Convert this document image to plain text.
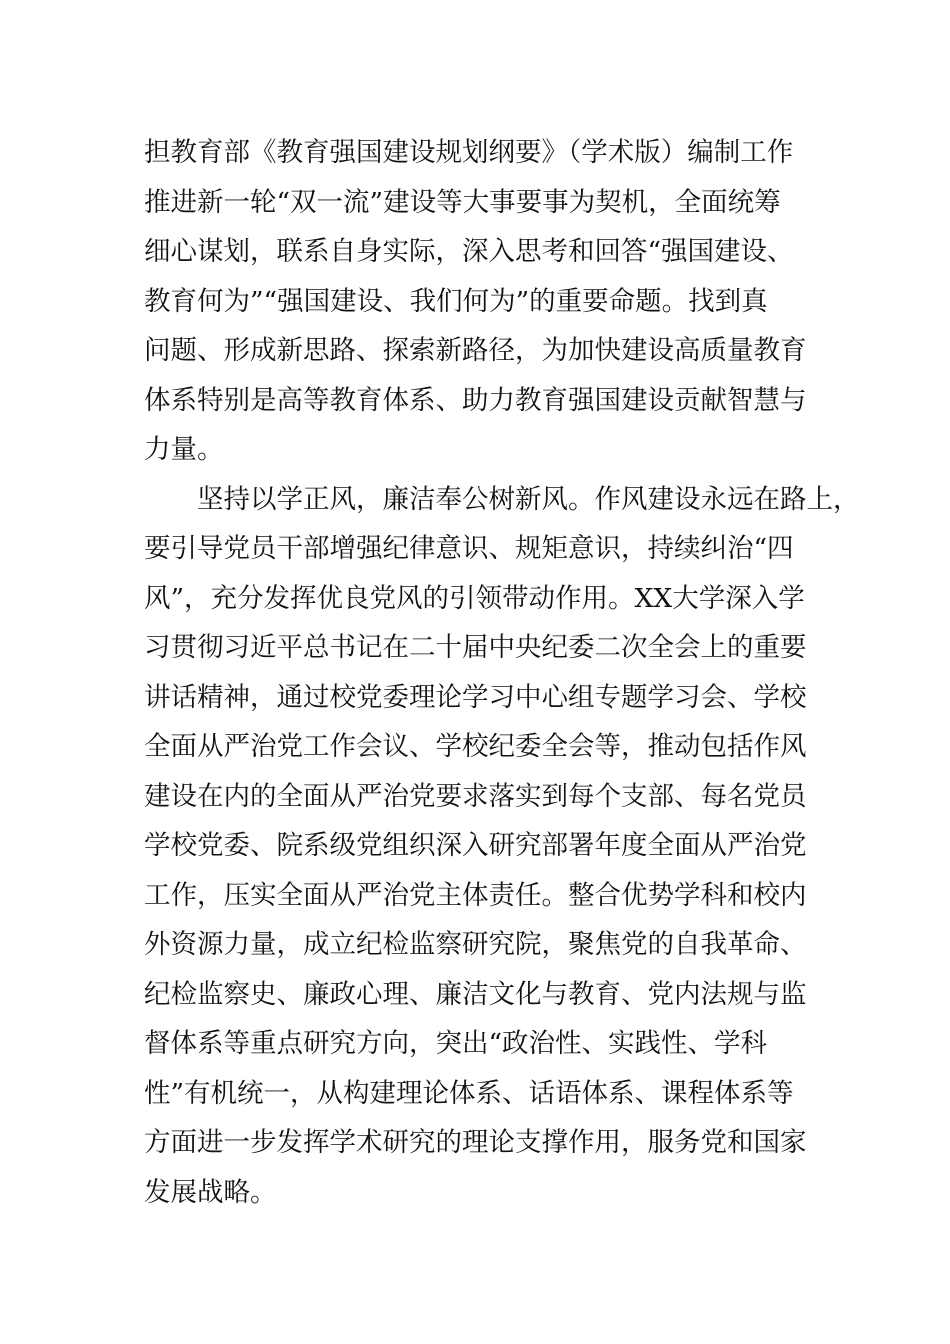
担教育部《教育强国建设规划纲要》（学术版）编制工作
推进新一轮“双一流”建设等大事要事为契机，全面统筹
细心谋划，联系自身实际，深入思考和回答“强国建设、
教育何为”“强国建设、我们何为”的重要命题。找到真
问题、形成新思路、探索新路径，为加快建设高质量教育
体系特别是高等教育体系、助力教育强国建设贡献智慧与
力量。
坚持以学正风，廉洁奉公树新风。作风建设永远在路上，
要引导党员干部增强纪律意识、规矩意识，持续纠治“四
风”，充分发挥优良党风的引领带动作用。XX大学深入学
习贯彻习近平总书记在二十届中央纪委二次全会上的重要
讲话精神，通过校党委理论学习中心组专题学习会、学校
全面从严治党工作会议、学校纪委全会等，推动包括作风
建设在内的全面从严治党要求落实到每个支部、每名党员
学校党委、院系级党组织深入研究部署年度全面从严治党
工作，压实全面从严治党主体责任。整合优势学科和校内
外资源力量，成立纪检监察研究院，聚焦党的自我革命、
纪检监察史、廉政心理、廉洁文化与教育、党内法规与监
督体系等重点研究方向，突出“政治性、实践性、学科
性”有机统一，从构建理论体系、话语体系、课程体系等
方面进一步发挥学术研究的理论支撑作用，服务党和国家
发展战略。
